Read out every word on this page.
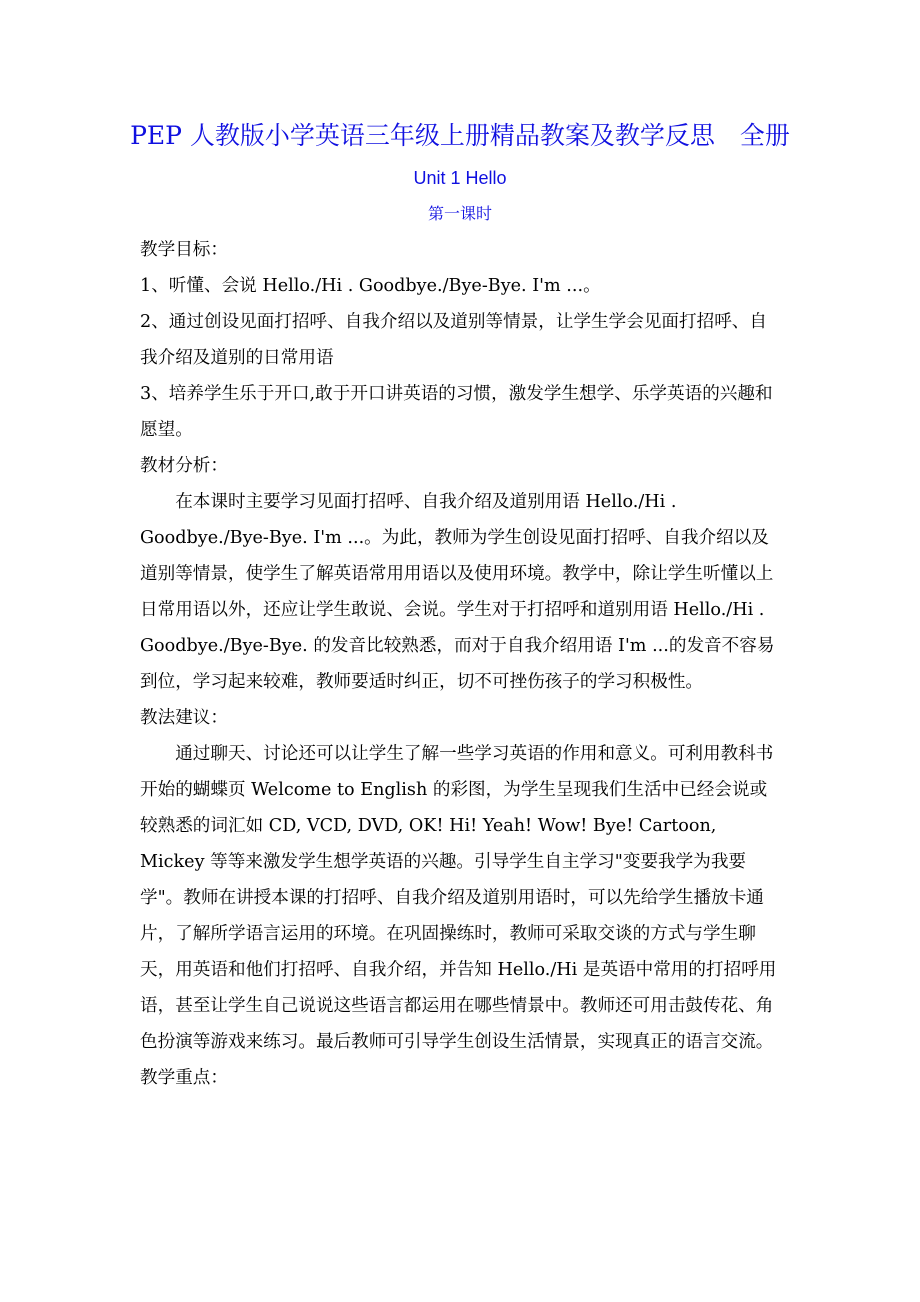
PEP 人教版小学英语三年级上册精品教案及教学反思　全册
Unit 1 Hello
第一课时

教学目标：

1、听懂、会说 Hello./Hi . Goodbye./Bye-Bye. I'm ...。

2、通过创设见面打招呼、自我介绍以及道别等情景，让学生学会见面打招呼、自我介绍及道别的日常用语

3、培养学生乐于开口,敢于开口讲英语的习惯，激发学生想学、乐学英语的兴趣和愿望。

教材分析：

在本课时主要学习见面打招呼、自我介绍及道别用语 Hello./Hi . Goodbye./Bye-Bye. I'm ...。为此，教师为学生创设见面打招呼、自我介绍以及道别等情景，使学生了解英语常用用语以及使用环境。教学中，除让学生听懂以上日常用语以外，还应让学生敢说、会说。学生对于打招呼和道别用语 Hello./Hi . Goodbye./Bye-Bye. 的发音比较熟悉，而对于自我介绍用语 I'm ...的发音不容易到位，学习起来较难，教师要适时纠正，切不可挫伤孩子的学习积极性。

教法建议：

通过聊天、讨论还可以让学生了解一些学习英语的作用和意义。可利用教科书开始的蝴蝶页 Welcome to English 的彩图，为学生呈现我们生活中已经会说或较熟悉的词汇如 CD, VCD, DVD, OK! Hi! Yeah! Wow! Bye! Cartoon, Mickey 等等来激发学生想学英语的兴趣。引导学生自主学习"变要我学为我要学"。教师在讲授本课的打招呼、自我介绍及道别用语时，可以先给学生播放卡通片，了解所学语言运用的环境。在巩固操练时，教师可采取交谈的方式与学生聊天，用英语和他们打招呼、自我介绍，并告知 Hello./Hi 是英语中常用的打招呼用语，甚至让学生自己说说这些语言都运用在哪些情景中。教师还可用击鼓传花、角色扮演等游戏来练习。最后教师可引导学生创设生活情景，实现真正的语言交流。

教学重点：
